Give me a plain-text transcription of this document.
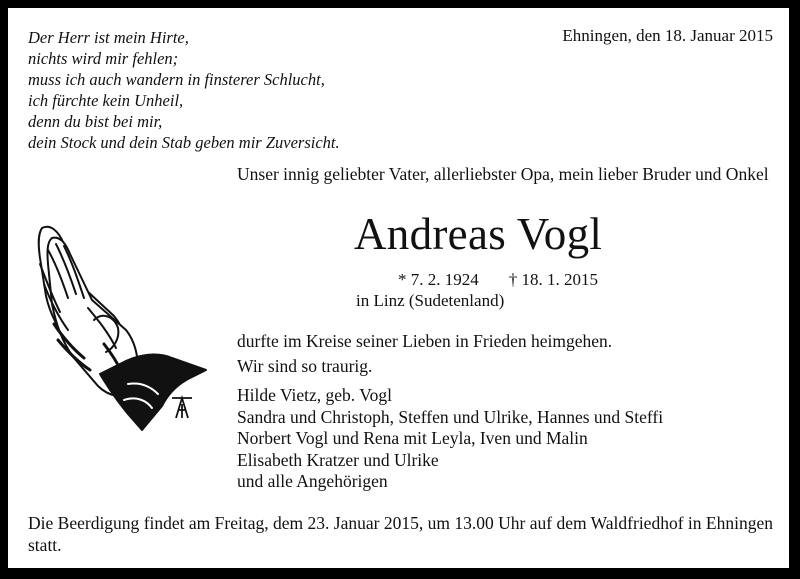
Der Herr ist mein Hirte,
nichts wird mir fehlen;
muss ich auch wandern in finsterer Schlucht,
ich fürchte kein Unheil,
denn du bist bei mir,
dein Stock und dein Stab geben mir Zuversicht.
Ehningen, den 18. Januar 2015
Unser innig geliebter Vater, allerliebster Opa, mein lieber Bruder und Onkel
Andreas Vogl
* 7. 2. 1924 † 18. 1. 2015
in Linz (Sudetenland)
durfte im Kreise seiner Lieben in Frieden heimgehen.
Wir sind so traurig.
Hilde Vietz, geb. Vogl
Sandra und Christoph, Steffen und Ulrike, Hannes und Steffi
Norbert Vogl und Rena mit Leyla, Iven und Malin
Elisabeth Kratzer und Ulrike
und alle Angehörigen
Die Beerdigung findet am Freitag, dem 23. Januar 2015, um 13.00 Uhr auf dem Waldfriedhof in Ehningen statt.
